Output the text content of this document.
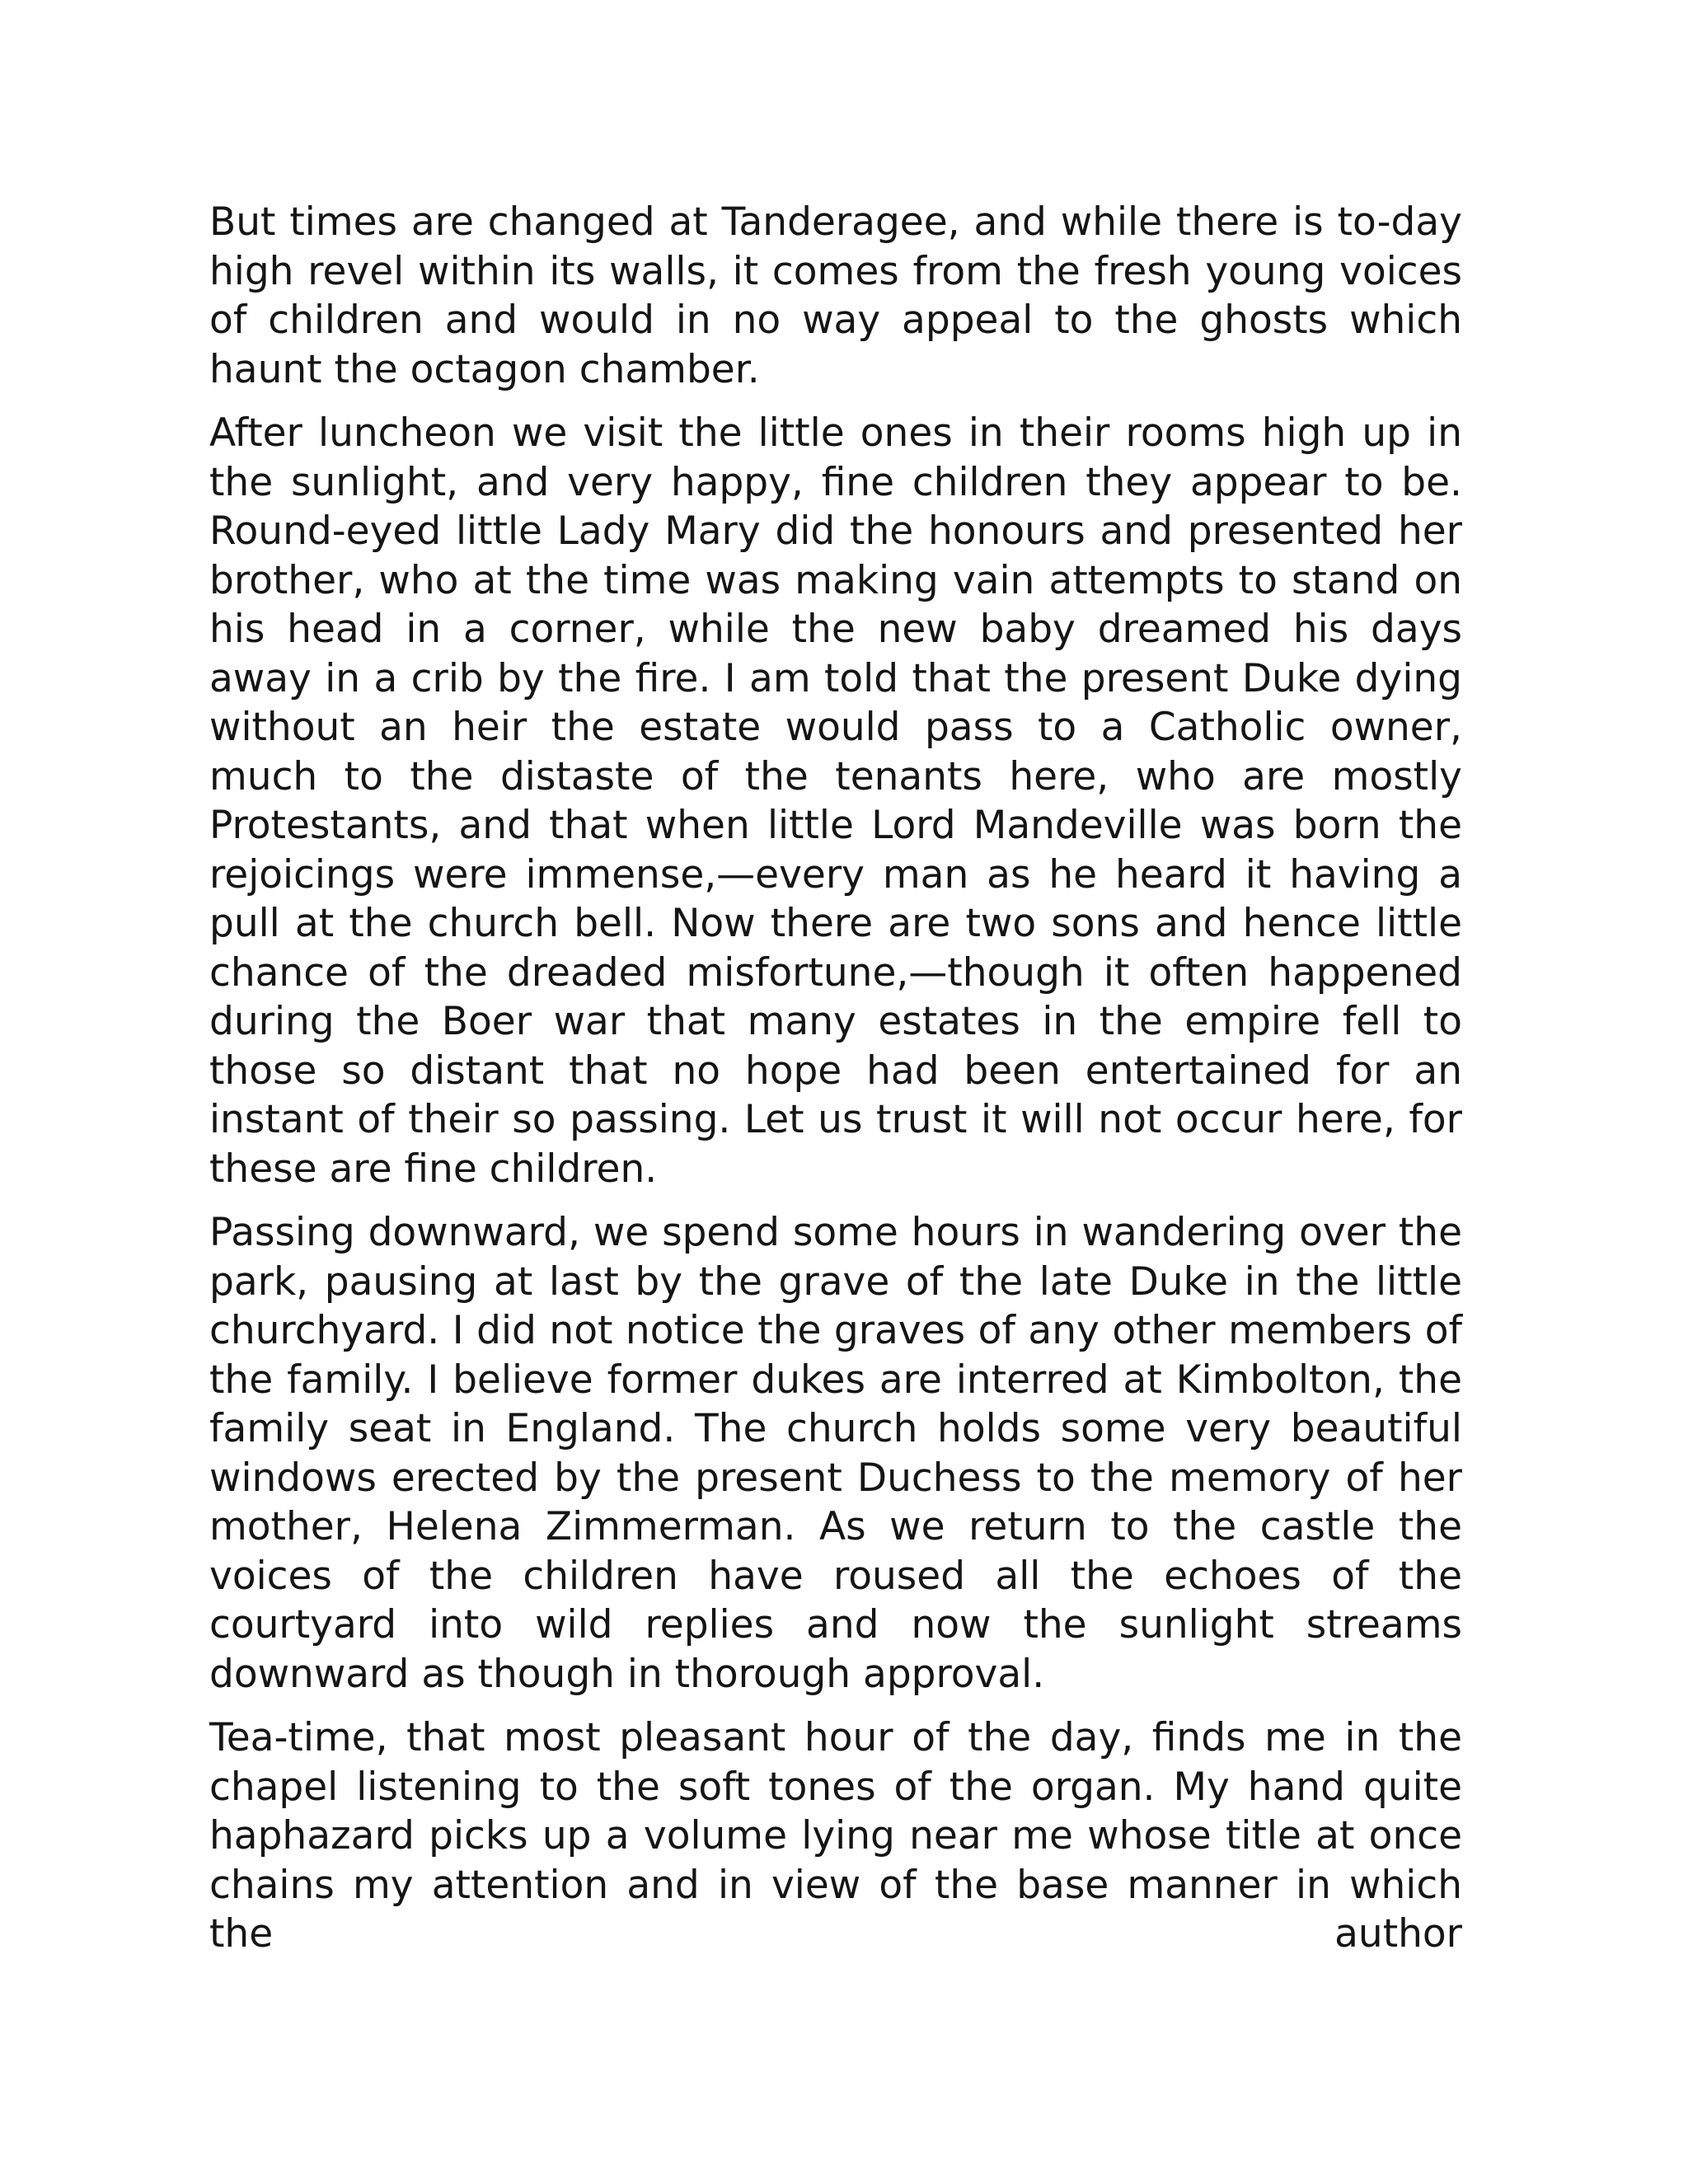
But times are changed at Tanderagee, and while there is to-day high revel within its walls, it comes from the fresh young voices of children and would in no way appeal to the ghosts which haunt the octagon chamber.

After luncheon we visit the little ones in their rooms high up in the sunlight, and very happy, fine children they appear to be. Round-eyed little Lady Mary did the honours and presented her brother, who at the time was making vain attempts to stand on his head in a corner, while the new baby dreamed his days away in a crib by the fire. I am told that the present Duke dying without an heir the estate would pass to a Catholic owner, much to the distaste of the tenants here, who are mostly Protestants, and that when little Lord Mandeville was born the rejoicings were immense,—every man as he heard it having a pull at the church bell. Now there are two sons and hence little chance of the dreaded misfortune,—though it often happened during the Boer war that many estates in the empire fell to those so distant that no hope had been entertained for an instant of their so passing. Let us trust it will not occur here, for these are fine children.

Passing downward, we spend some hours in wandering over the park, pausing at last by the grave of the late Duke in the little churchyard. I did not notice the graves of any other members of the family. I believe former dukes are interred at Kimbolton, the family seat in England. The church holds some very beautiful windows erected by the present Duchess to the memory of her mother, Helena Zimmerman. As we return to the castle the voices of the children have roused all the echoes of the courtyard into wild replies and now the sunlight streams downward as though in thorough approval.

Tea-time, that most pleasant hour of the day, finds me in the chapel listening to the soft tones of the organ. My hand quite haphazard picks up a volume lying near me whose title at once chains my attention and in view of the base manner in which the author
